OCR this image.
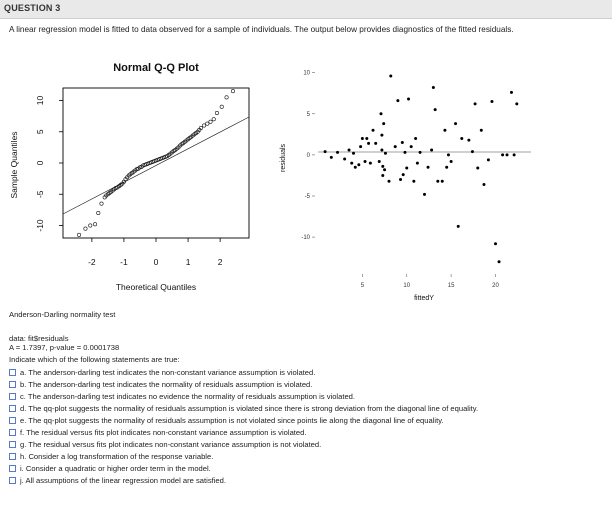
QUESTION 3
A linear regression model is fitted to data observed for a sample of individuals. The output below provides diagnostics of the fitted residuals.
Normal Q-Q Plot
Theoretical Quantiles
Sample Quantiles
-2	-1	0	1	2
-10
-5
0
5
10
fittedY
residuals
5	10	15	20
-10
-5
0
5
10
Anderson-Darling normality test
data: fit$residuals
A = 1.7397, p-value = 0.0001738
Indicate which of the following statements are true:
a. The anderson-darling test indicates the non-constant variance assumption is violated.
b. The anderson-darling test indicates the normality of residuals assumption is violated.
c. The anderson-darling test indicates no evidence the normality of residuals assumption is violated.
d. The qq-plot suggests the normality of residuals assumption is violated since there is strong deviation from the diagonal line of equality.
e. The qq-plot suggests the normality of residuals assumption is not violated since points lie along the diagonal line of equality.
f. The residual versus fits plot indicates non-constant variance assumption is violated.
g. The residual versus fits plot indicates non-constant variance assumption is not violated.
h. Consider a log transformation of the response variable.
i. Consider a quadratic or higher order term in the model.
j. All assumptions of the linear regression model are satisfied.
